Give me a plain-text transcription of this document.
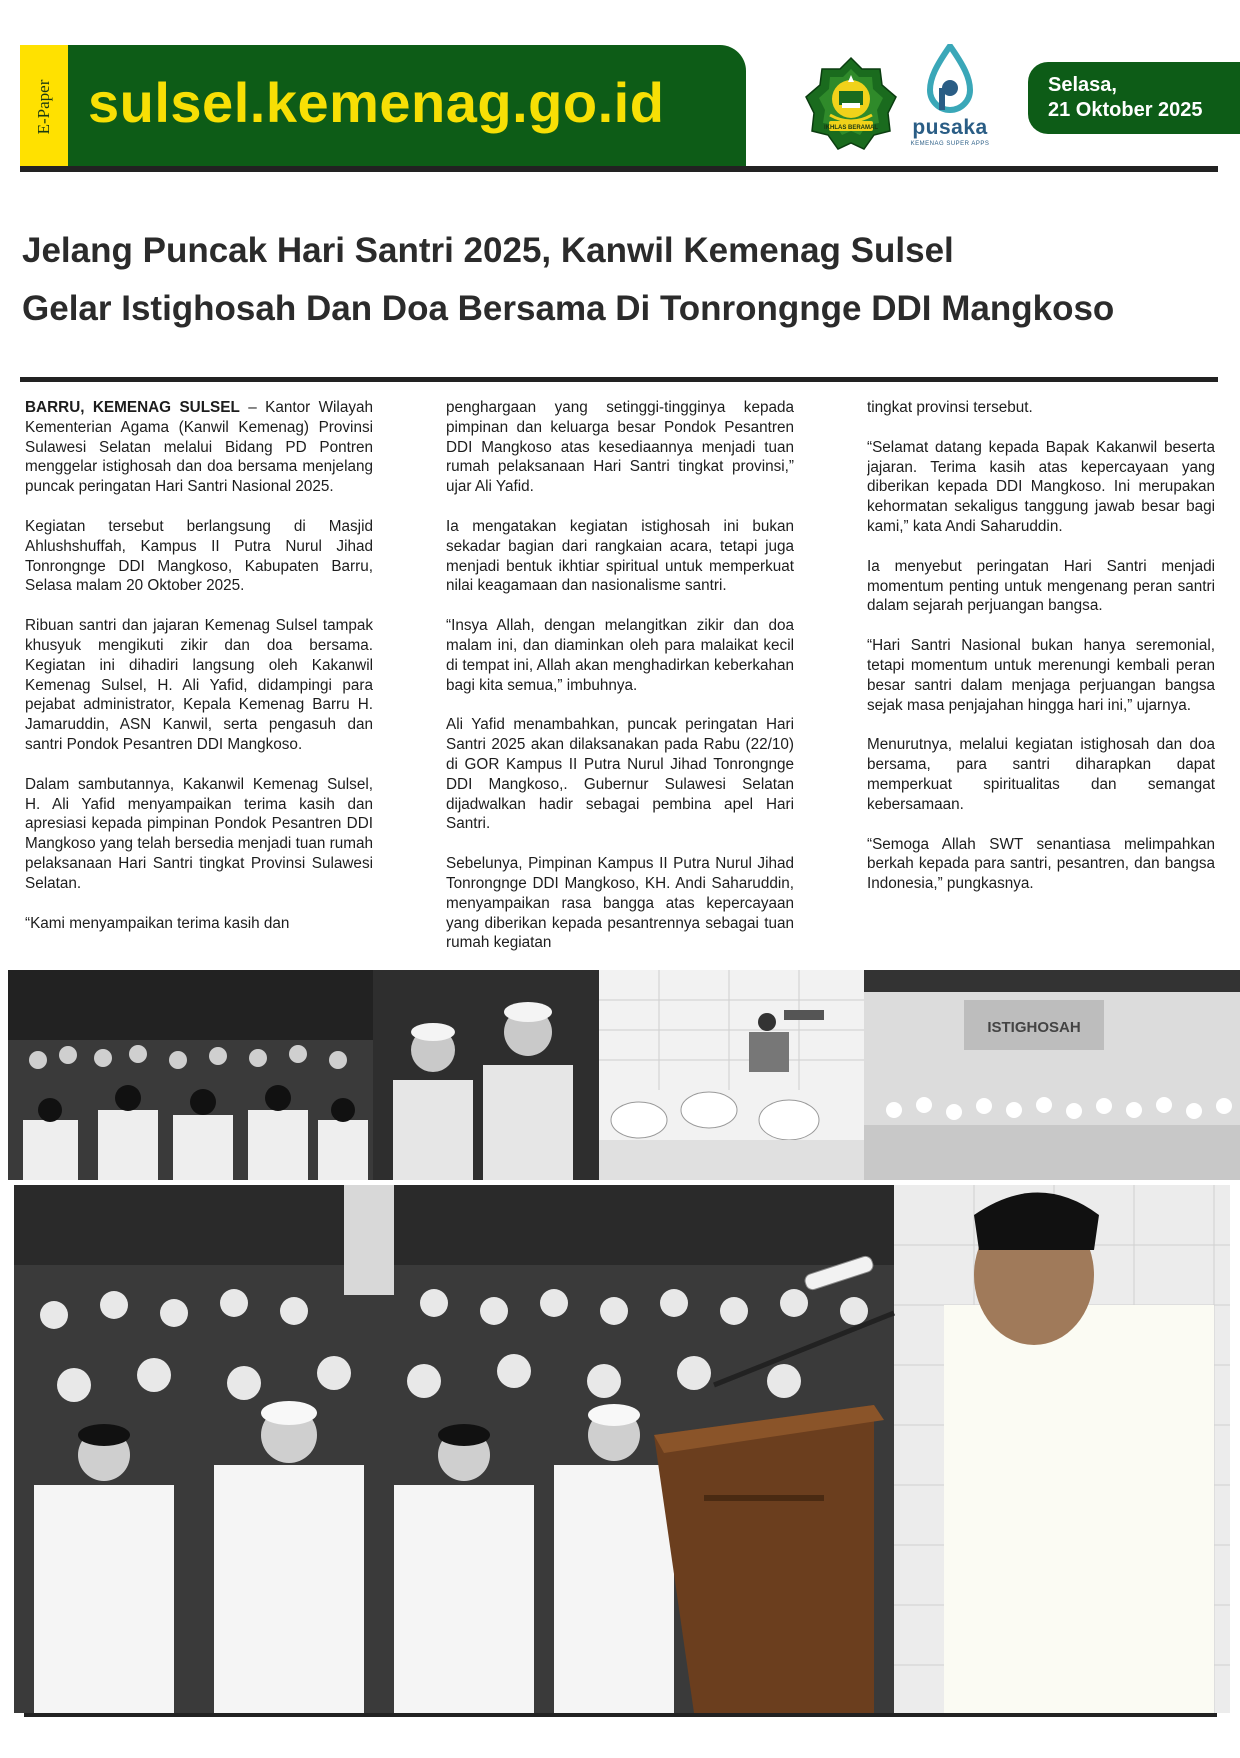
E-Paper sulsel.kemenag.go.id	IKHLAS BERAMAL	pusaka
KEMENAG SUPER APPS
Selasa,
21 Oktober 2025
Jelang Puncak Hari Santri 2025, Kanwil Kemenag Sulsel
Gelar Istighosah Dan Doa Bersama Di Tonrongnge DDI Mangkoso

BARRU, KEMENAG SULSEL – Kantor Wilayah Kementerian Agama (Kanwil Kemenag) Provinsi Sulawesi Selatan melalui Bidang PD Pontren menggelar istighosah dan doa bersama menjelang puncak peringatan Hari Santri Nasional 2025.

Kegiatan tersebut berlangsung di Masjid Ahlushshuffah, Kampus II Putra Nurul Jihad Tonrongnge DDI Mangkoso, Kabupaten Barru, Selasa malam 20 Oktober 2025.

Ribuan santri dan jajaran Kemenag Sulsel tampak khusyuk mengikuti zikir dan doa bersama. Kegiatan ini dihadiri langsung oleh Kakanwil Kemenag Sulsel, H. Ali Yafid, didampingi para pejabat administrator, Kepala Kemenag Barru H. Jamaruddin, ASN Kanwil, serta pengasuh dan santri Pondok Pesantren DDI Mangkoso.

Dalam sambutannya, Kakanwil Kemenag Sulsel, H. Ali Yafid menyampaikan terima kasih dan apresiasi kepada pimpinan Pondok Pesantren DDI Mangkoso yang telah bersedia menjadi tuan rumah pelaksanaan Hari Santri tingkat Provinsi Sulawesi Selatan.

“Kami menyampaikan terima kasih dan

penghargaan yang setinggi-tingginya kepada pimpinan dan keluarga besar Pondok Pesantren DDI Mangkoso atas kesediaannya menjadi tuan rumah pelaksanaan Hari Santri tingkat provinsi,” ujar Ali Yafid.

Ia mengatakan kegiatan istighosah ini bukan sekadar bagian dari rangkaian acara, tetapi juga menjadi bentuk ikhtiar spiritual untuk memperkuat nilai keagamaan dan nasionalisme santri.

“Insya Allah, dengan melangitkan zikir dan doa malam ini, dan diaminkan oleh para malaikat kecil di tempat ini, Allah akan menghadirkan keberkahan bagi kita semua,” imbuhnya.

Ali Yafid menambahkan, puncak peringatan Hari Santri 2025 akan dilaksanakan pada Rabu (22/10) di GOR Kampus II Putra Nurul Jihad Tonrongnge DDI Mangkoso,. Gubernur Sulawesi Selatan dijadwalkan hadir sebagai pembina apel Hari Santri.

Sebelunya, Pimpinan Kampus II Putra Nurul Jihad Tonrongnge DDI Mangkoso, KH. Andi Saharuddin, menyampaikan rasa bangga atas kepercayaan yang diberikan kepada pesantrennya sebagai tuan rumah kegiatan

tingkat provinsi tersebut.

“Selamat datang kepada Bapak Kakanwil beserta jajaran. Terima kasih atas kepercayaan yang diberikan kepada DDI Mangkoso. Ini merupakan kehormatan sekaligus tanggung jawab besar bagi kami,” kata Andi Saharuddin.

Ia menyebut peringatan Hari Santri menjadi momentum penting untuk mengenang peran santri dalam sejarah perjuangan bangsa.

“Hari Santri Nasional bukan hanya seremonial, tetapi momentum untuk merenungi kembali peran besar santri dalam menjaga perjuangan bangsa sejak masa penjajahan hingga hari ini,” ujarnya.

Menurutnya, melalui kegiatan istighosah dan doa bersama, para santri diharapkan dapat memperkuat spiritualitas dan semangat kebersamaan.

“Semoga Allah SWT senantiasa melimpahkan berkah kepada para santri, pesantren, dan bangsa Indonesia,” pungkasnya.

ISTIGHOSAH
